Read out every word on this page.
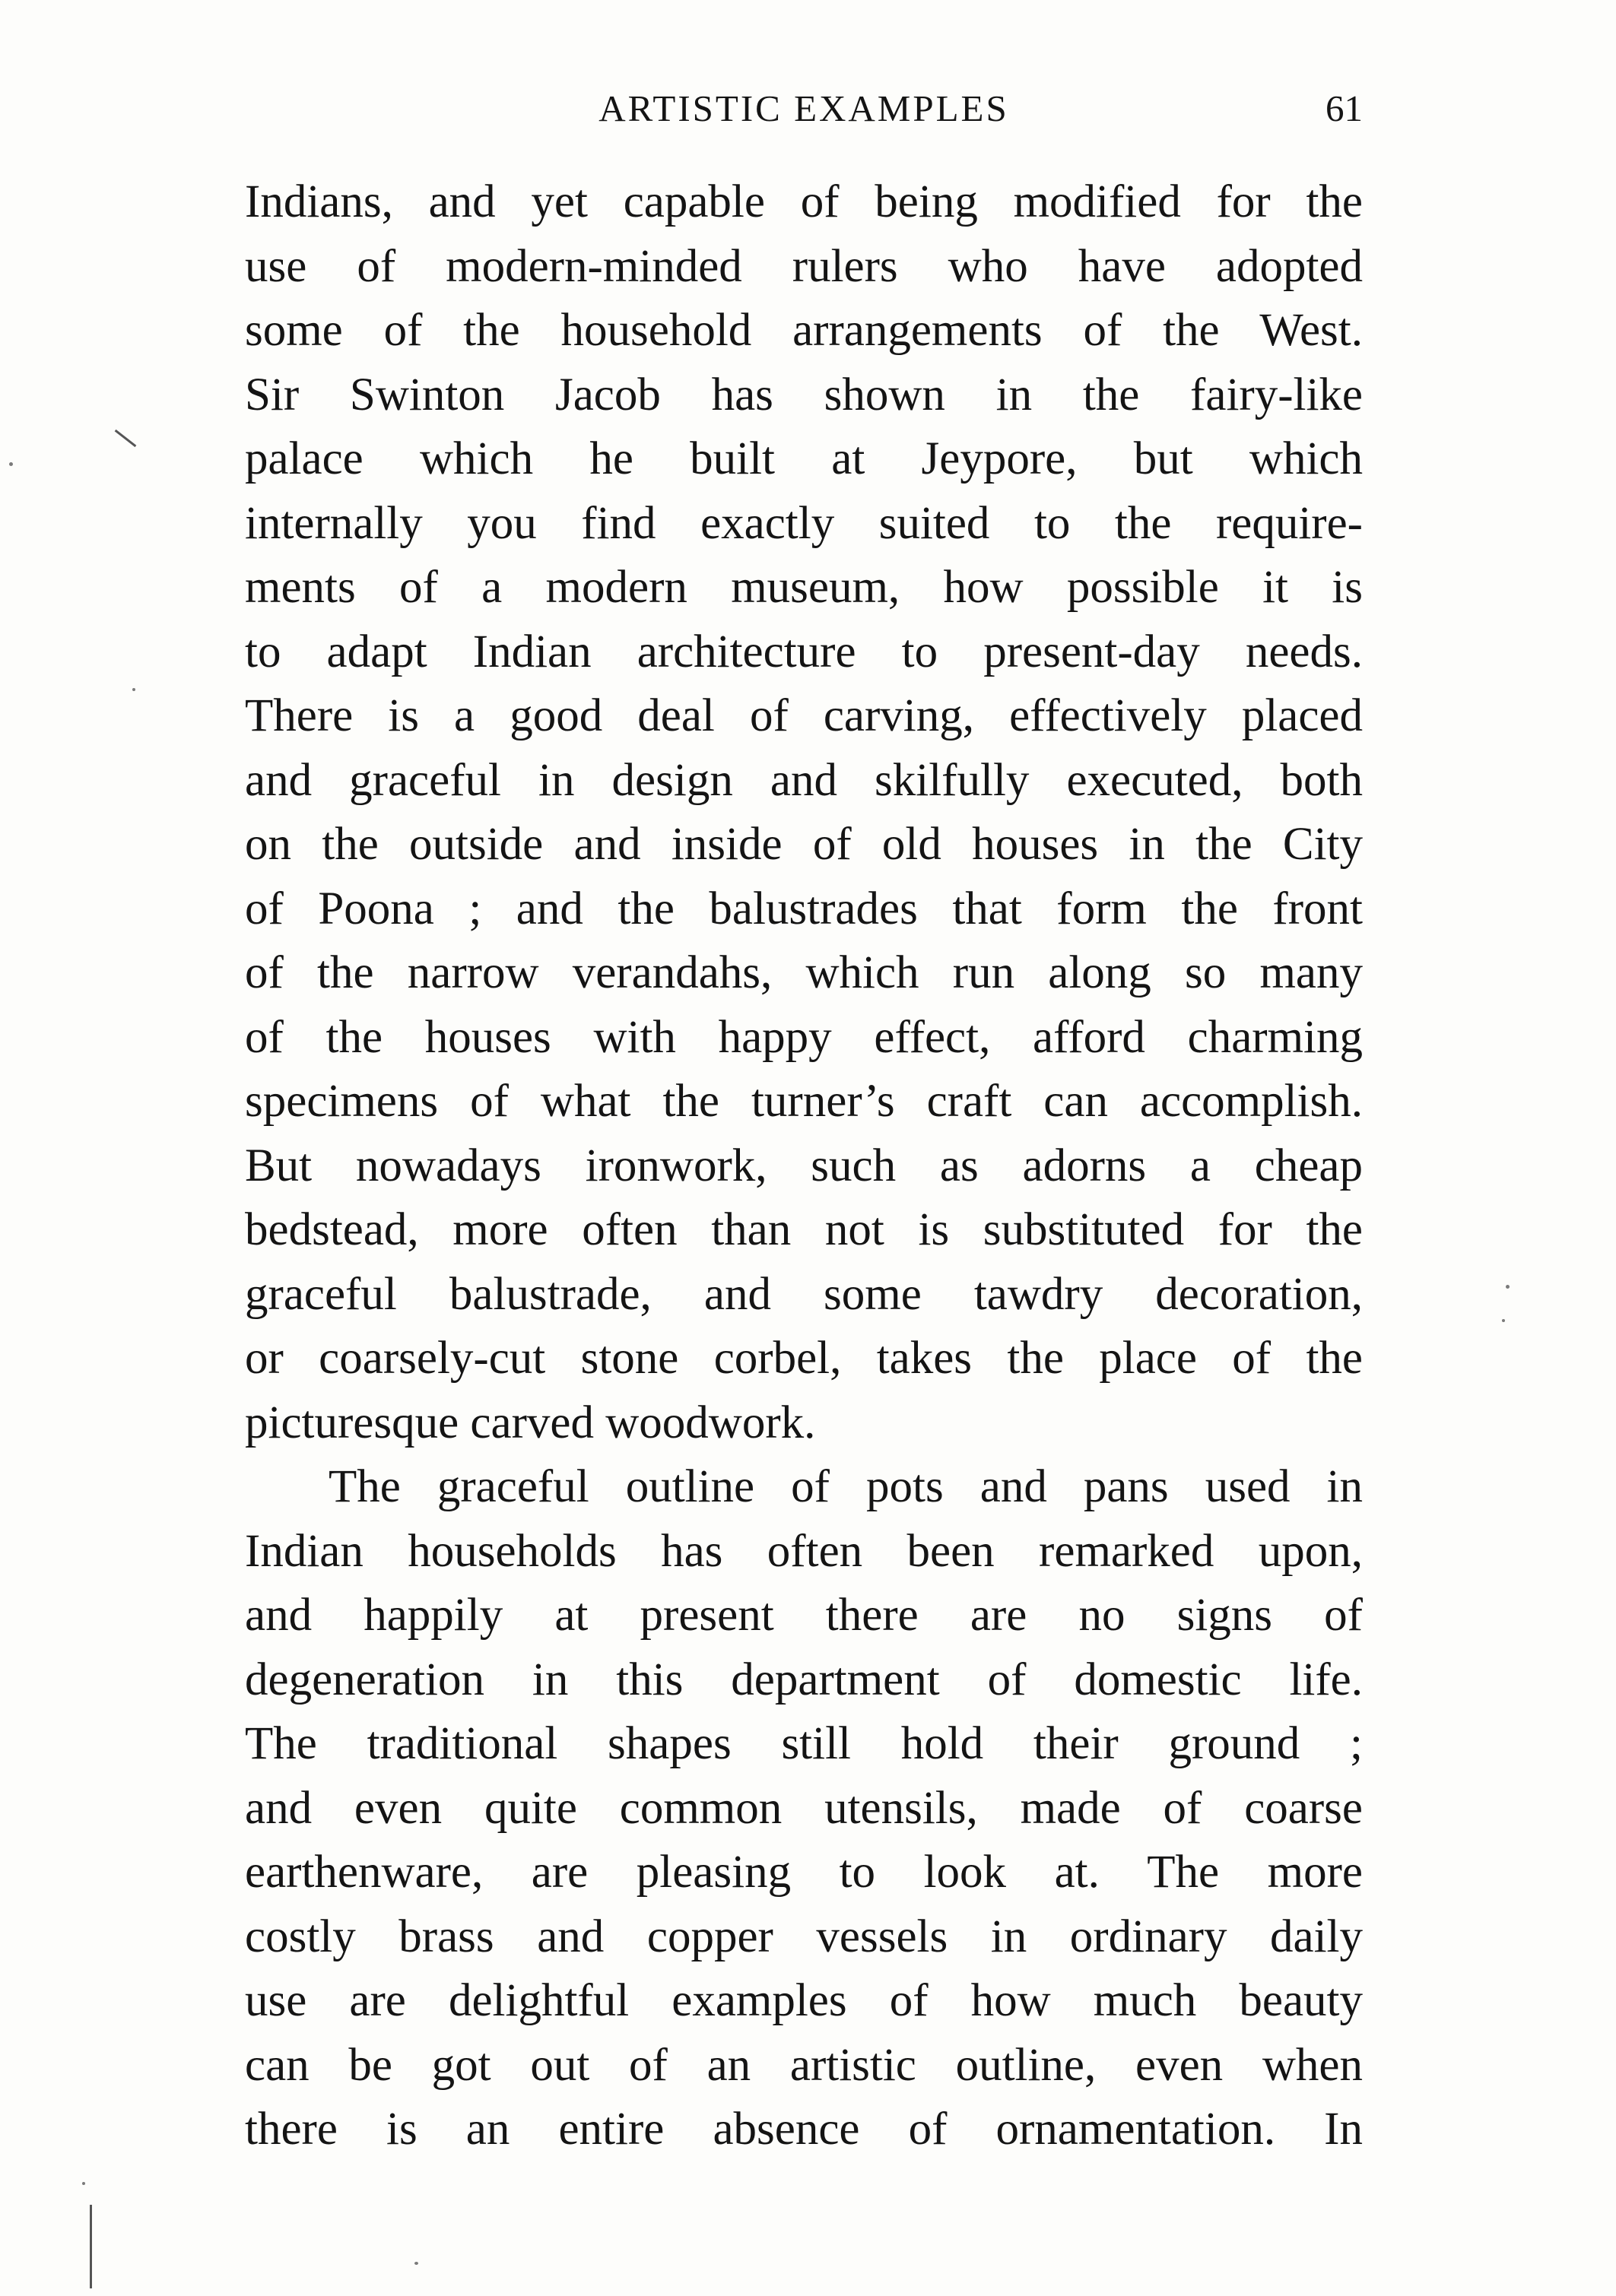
ARTISTIC EXAMPLES	61
Indians, and yet capable of being modified for the
use of modern-minded rulers who have adopted
some of the household arrangements of the West.
Sir Swinton Jacob has shown in the fairy-like
palace which he built at Jeypore, but which
internally you find exactly suited to the require-
ments of a modern museum, how possible it is
to adapt Indian architecture to present-day needs.
There is a good deal of carving, effectively placed
and graceful in design and skilfully executed, both
on the outside and inside of old houses in the City
of Poona ; and the balustrades that form the front
of the narrow verandahs, which run along so many
of the houses with happy effect, afford charming
specimens of what the turner’s craft can accomplish.
But nowadays ironwork, such as adorns a cheap
bedstead, more often than not is substituted for the
graceful balustrade, and some tawdry decoration,
or coarsely-cut stone corbel, takes the place of the
picturesque carved woodwork.
The graceful outline of pots and pans used in
Indian households has often been remarked upon,
and happily at present there are no signs of
degeneration in this department of domestic life.
The traditional shapes still hold their ground ;
and even quite common utensils, made of coarse
earthenware, are pleasing to look at. The more
costly brass and copper vessels in ordinary daily
use are delightful examples of how much beauty
can be got out of an artistic outline, even when
there is an entire absence of ornamentation. In
